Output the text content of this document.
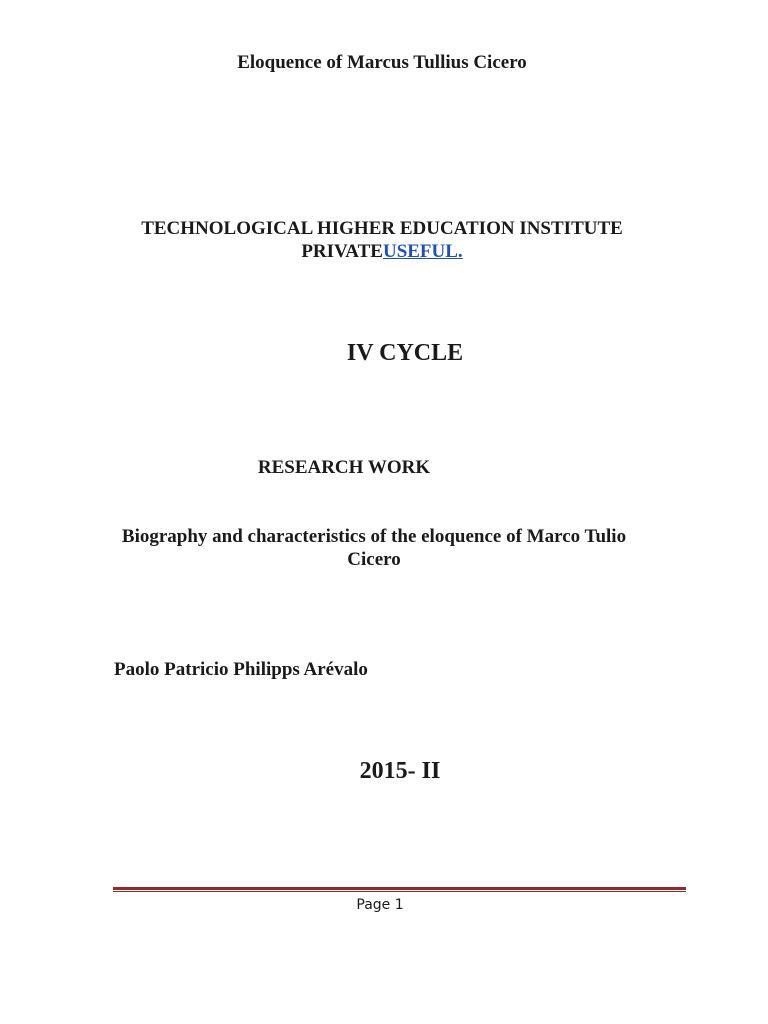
Eloquence of Marcus Tullius Cicero
TECHNOLOGICAL HIGHER EDUCATION INSTITUTE
PRIVATEUSEFUL.
IV CYCLE
RESEARCH WORK
Biography and characteristics of the eloquence of Marco Tulio Cicero
Paolo Patricio Philipps Arévalo
2015- II
Page 1
